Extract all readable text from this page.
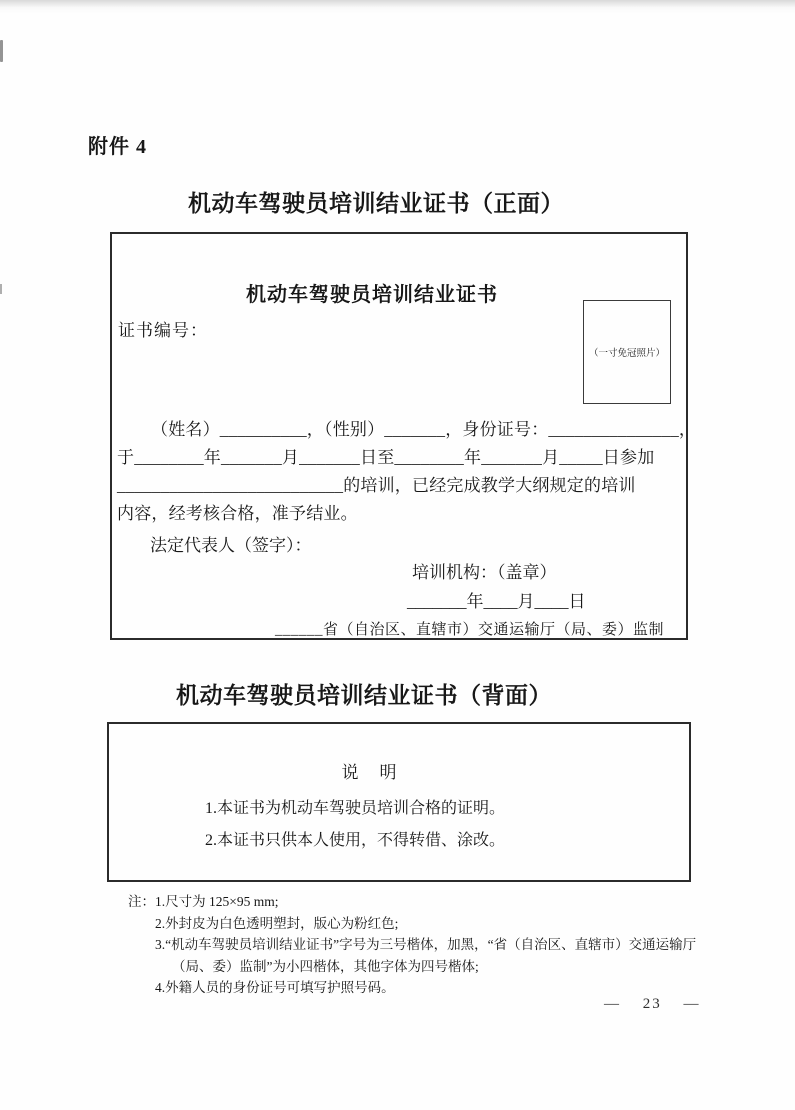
附件 4
机动车驾驶员培训结业证书（正面）
机动车驾驶员培训结业证书
证书编号：
（一寸免冠照片）
（姓名）__________，（性别）_______，身份证号：_______________，
于________年_______月_______日至________年_______月_____日参加
__________________________的培训，已经完成教学大纲规定的培训
内容，经考核合格，准予结业。
法定代表人（签字）：
培训机构：（盖章）
_______年____月____日
______省（自治区、直辖市）交通运输厅（局、委）监制
机动车驾驶员培训结业证书（背面）
说　明
1.本证书为机动车驾驶员培训合格的证明。
2.本证书只供本人使用，不得转借、涂改。
注： 1.尺寸为 125×95 mm;
2.外封皮为白色透明塑封，版心为粉红色;
3.“机动车驾驶员培训结业证书”字号为三号楷体，加黑，“省（自治区、直辖市）交通运输厅（局、委）监制”为小四楷体，其他字体为四号楷体;
4.外籍人员的身份证号可填写护照号码。
— 23 —
